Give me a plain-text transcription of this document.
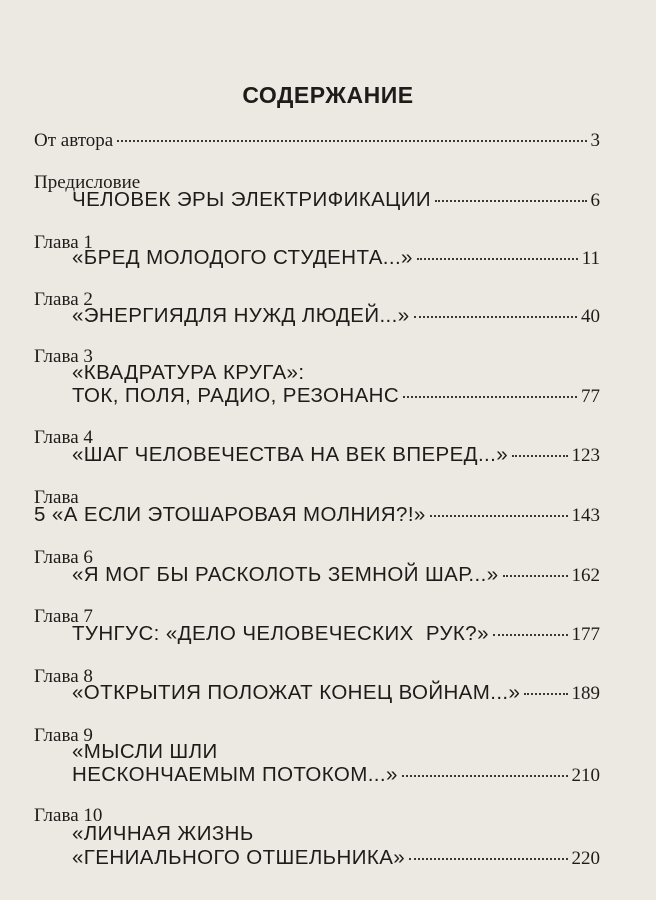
СОДЕРЖАНИЕ
От автора	3
Предисловие
ЧЕЛОВЕК ЭРЫ ЭЛЕКТРИФИКАЦИИ	6
Глава 1
«БРЕД МОЛОДОГО СТУДЕНТА...»	11
Глава 2
«ЭНЕРГИЯДЛЯ НУЖД ЛЮДЕЙ...»	40
Глава 3
«КВАДРАТУРА КРУГА»:
ТОК, ПОЛЯ, РАДИО, РЕЗОНАНС	77
Глава 4
«ШАГ ЧЕЛОВЕЧЕСТВА НА ВЕК ВПЕРЕД...»	123
Глава
5 «А ЕСЛИ ЭТОШАРОВАЯ МОЛНИЯ?!»	143
Глава 6
«Я МОГ БЫ РАСКОЛОТЬ ЗЕМНОЙ ШАР...»	162
Глава 7
ТУНГУС: «ДЕЛО ЧЕЛОВЕЧЕСКИХ  РУК?»	177
Глава 8
«ОТКРЫТИЯ ПОЛОЖАТ КОНЕЦ ВОЙНАМ...»	189
Глава 9
«МЫСЛИ ШЛИ
НЕСКОНЧАЕМЫМ ПОТОКОМ...»	210
Глава 10
«ЛИЧНАЯ ЖИЗНЬ
«ГЕНИАЛЬНОГО ОТШЕЛЬНИКА»	220
